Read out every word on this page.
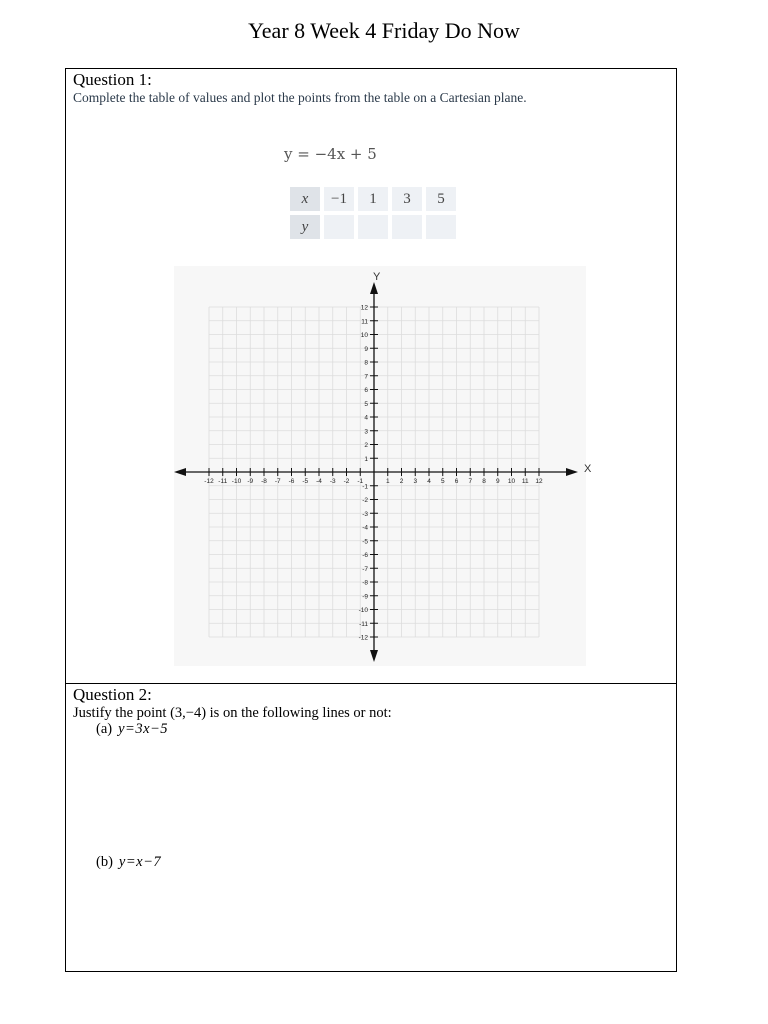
Year 8 Week 4 Friday Do Now
Question 1:
Complete the table of values and plot the points from the table on a Cartesian plane.
y = −4x + 5
x	−1	1	3	5
y				
-12 -11 -10 -9 -8 -7 -6 -5 -4 -3 -2 -1	1 2 3 4 5 6 7 8 9 10 11 12
-12
-11
-10
-9
-8
-7
-6
-5
-4
-3
-2
-1
1
2
3
4
5
6
7
8
9
10
11
12
X
Y
Question 2:
Justify the point (3,−4) is on the following lines or not:
(a) y=3x−5
(b) y=x−7
